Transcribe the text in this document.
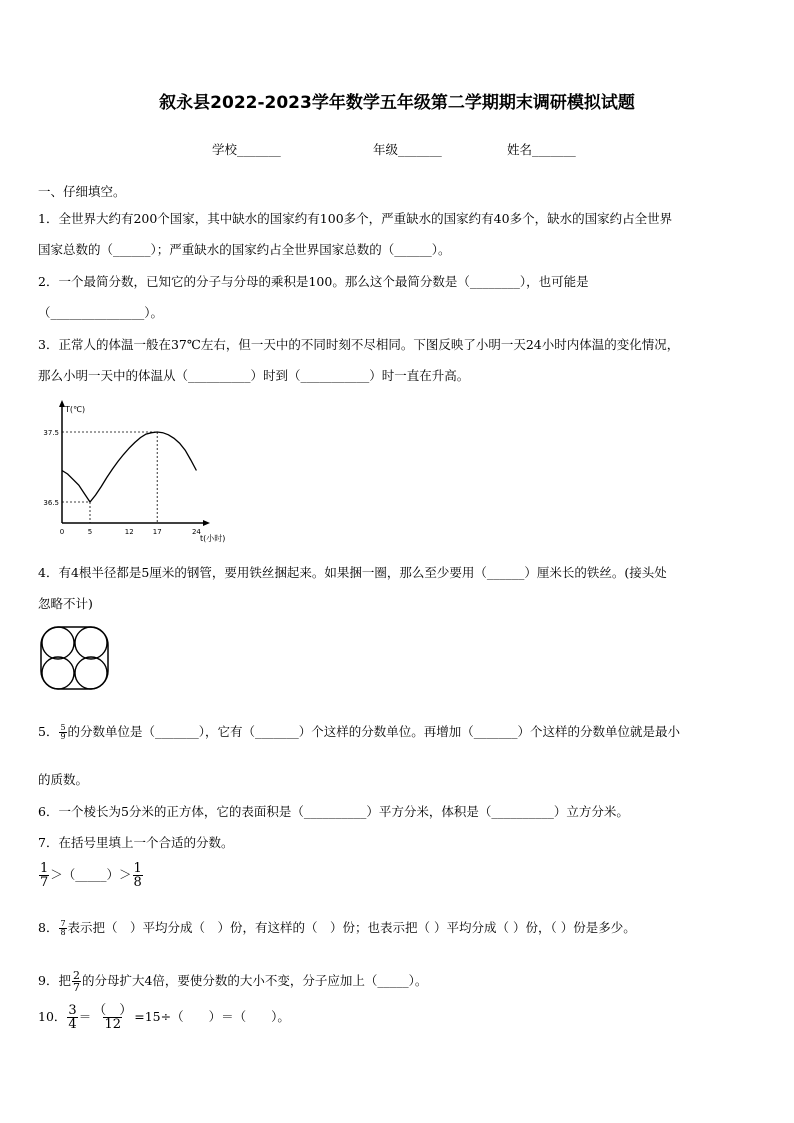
叙永县2022-2023学年数学五年级第二学期期末调研模拟试题
学校_______	年级_______	姓名_______
一、仔细填空。
1．全世界大约有200个国家，其中缺水的国家约有100多个，严重缺水的国家约有40多个，缺水的国家约占全世界
国家总数的（______）；严重缺水的国家约占全世界国家总数的（______）。
2．一个最简分数，已知它的分子与分母的乘积是100。那么这个最简分数是（________），也可能是
（_______________）。
3．正常人的体温一般在37℃左右，但一天中的不同时刻不尽相同。下图反映了小明一天24小时内体温的变化情况，
那么小明一天中的体温从（__________）时到（___________）时一直在升高。
T(℃)
t(小时)
0	5	12	17	24
36.5
37.5
4．有4根半径都是5厘米的钢管，要用铁丝捆起来。如果捆一圈，那么至少要用（______）厘米长的铁丝。(接头处
忽略不计)
5． $\frac{5}{9}$ 的分数单位是（_______），它有（_______）个这样的分数单位。再增加（_______）个这样的分数单位就是最小
的质数。
6．一个棱长为5分米的正方体，它的表面积是（__________）平方分米，体积是（__________）立方分米。
7．在括号里填上一个合适的分数。
$\frac{1}{7}$ ＞（_____）＞ $\frac{1}{8}$
8． $\frac{7}{8}$ 表示把（　）平均分成（　）份，有这样的（　）份；也表示把（ ）平均分成（ ）份，（ ）份是多少。
9．把 $\frac{2}{7}$ 的分母扩大4倍，要使分数的大小不变，分子应加上（_____）。
10． $\frac{3}{4} = \frac{( )}{12} =15\div$（　　）＝（　　）。
